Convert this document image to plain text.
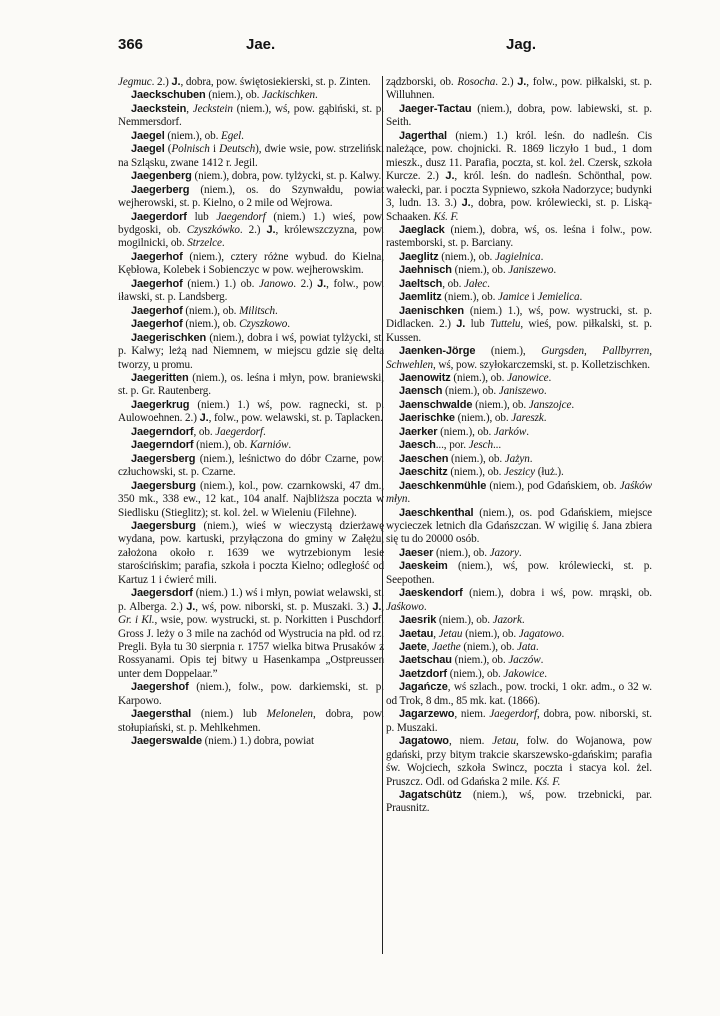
366	Jae.	Jag.

Jegmuc. 2.) J., dobra, pow. świętosiekierski, st. p. Zinten.

Jaeckschuben (niem.), ob. Jackischken.

Jaeckstein, Jeckstein (niem.), wś, pow. gąbiński, st. p. Nemmersdorf.

Jaegel (niem.), ob. Egel.

Jaegel (Polnisch i Deutsch), dwie wsie, pow. strzeliński na Szląsku, zwane 1412 r. Jegil.

Jaegenberg (niem.), dobra, pow. tylżycki, st. p. Kalwy.

Jaegerberg (niem.), os. do Szynwałdu, powiat wejherowski, st. p. Kielno, o 2 mile od Wejrowa.

Jaegerdorf lub Jaegendorf (niem.) 1.) wieś, pow. bydgoski, ob. Czyszkówko. 2.) J., królewszczyzna, pow. mogilnicki, ob. Strzelce.

Jaegerhof (niem.), cztery różne wybud. do Kielna, Kębłowa, Kolebek i Sobienczyc w pow. wejherowskim.

Jaegerhof (niem.) 1.) ob. Janowo. 2.) J., folw., pow. iławski, st. p. Landsberg.

Jaegerhof (niem.), ob. Militsch.

Jaegerhof (niem.), ob. Czyszkowo.

Jaegerischken (niem.), dobra i wś, powiat tylżycki, st. p. Kalwy; leżą nad Niemnem, w miejscu gdzie się delta tworzy, u promu.

Jaegeritten (niem.), os. leśna i młyn, pow. braniewski, st. p. Gr. Rautenberg.

Jaegerkrug (niem.) 1.) wś, pow. ragnecki, st. p. Aulowoehnen. 2.) J., folw., pow. welawski, st. p. Taplacken.

Jaegerndorf, ob. Jaegerdorf.

Jaegerndorf (niem.), ob. Karniów.

Jaegersberg (niem.), leśnictwo do dóbr Czarne, pow. człuchowski, st. p. Czarne.

Jaegersburg (niem.), kol., pow. czarnkowski, 47 dm., 350 mk., 338 ew., 12 kat., 104 analf. Najbliższa poczta w Siedlisku (Stieglitz); st. kol. żel. w Wieleniu (Filehne).

Jaegersburg (niem.), wieś w wieczystą dzierżawę wydana, pow. kartuski, przyłączona do gminy w Załężu, założona około r. 1639 we wytrzebionym lesie starościńskim; parafia, szkoła i poczta Kielno; odległość od Kartuz 1 i ćwierć mili.

Jaegersdorf (niem.) 1.) wś i młyn, powiat welawski, st. p. Alberga. 2.) J., wś, pow. niborski, st. p. Muszaki. 3.) J., Gr. i Kl., wsie, pow. wystrucki, st. p. Norkitten i Puschdorf. Gross J. leży o 3 mile na zachód od Wystrucia na płd. od rz. Pregli. Była tu 30 sierpnia r. 1757 wielka bitwa Prusaków z Rossyanami. Opis tej bitwy u Hasenkampa „Ostpreussen unter dem Doppelaar.”

Jaegershof (niem.), folw., pow. darkiemski, st. p. Karpowo.

Jaegersthal (niem.) lub Melonelen, dobra, pow. stołupiański, st. p. Mehlkehmen.

Jaegerswalde (niem.) 1.) dobra, powiat

ządzborski, ob. Rosocha. 2.) J., folw., pow. piłkalski, st. p. Willuhnen.

Jaeger-Tactau (niem.), dobra, pow. labiewski, st. p. Seith.

Jagerthal (niem.) 1.) król. leśn. do nadleśn. Cis należące, pow. chojnicki. R. 1869 liczyło 1 bud., 1 dom mieszk., dusz 11. Parafia, poczta, st. kol. żel. Czersk, szkoła Kurcze. 2.) J., król. leśn. do nadleśn. Schönthal, pow. wałecki, par. i poczta Sypniewo, szkoła Nadorzyce; budynki 3, ludn. 13. 3.) J., dobra, pow. królewiecki, st. p. Liską-Schaaken. Kś. F.

Jaeglack (niem.), dobra, wś, os. leśna i folw., pow. rastemborski, st. p. Barciany.

Jaeglitz (niem.), ob. Jagielnica.

Jaehnisch (niem.), ob. Janiszewo.

Jaeltsch, ob. Jałec.

Jaemlitz (niem.), ob. Jamice i Jemielica.

Jaenischken (niem.) 1.), wś, pow. wystrucki, st. p. Didlacken. 2.) J. lub Tuttelu, wieś, pow. piłkalski, st. p. Kussen.

Jaenken-Jörge (niem.), Gurgsden, Pallbyrren, Schwehlen, wś, pow. szyłokarczemski, st. p. Kolletzischken.

Jaenowitz (niem.), ob. Janowice.

Jaensch (niem.), ob. Janiszewo.

Jaenschwalde (niem.), ob. Janszojce.

Jaerischke (niem.), ob. Jareszk.

Jaerker (niem.), ob. Jarków.

Jaesch..., por. Jesch...

Jaeschen (niem.), ob. Jażyn.

Jaeschitz (niem.), ob. Jeszicy (łuż.).

Jaeschkenmühle (niem.), pod Gdańskiem, ob. Jaśków młyn.

Jaeschkenthal (niem.), os. pod Gdańskiem, miejsce wycieczek letnich dla Gdańszczan. W wigilię ś. Jana zbiera się tu do 20000 osób.

Jaeser (niem.), ob. Jazory.

Jaeskeim (niem.), wś, pow. królewiecki, st. p. Seepothen.

Jaeskendorf (niem.), dobra i wś, pow. mrąski, ob. Jaśkowo.

Jaesrik (niem.), ob. Jazork.

Jaetau, Jetau (niem.), ob. Jagatowo.

Jaete, Jaethe (niem.), ob. Jata.

Jaetschau (niem.), ob. Jaczów.

Jaetzdorf (niem.), ob. Jakowice.

Jagańcze, wś szlach., pow. trocki, 1 okr. adm., o 32 w. od Trok, 8 dm., 85 mk. kat. (1866).

Jagarzewo, niem. Jaegerdorf, dobra, pow. niborski, st. p. Muszaki.

Jagatowo, niem. Jetau, folw. do Wojanowa, pow gdański, przy bitym trakcie skarszewsko-gdańskim; parafia św. Wojciech, szkoła Swincz, poczta i stacya kol. żel. Pruszcz. Odl. od Gdańska 2 mile. Kś. F.

Jagatschütz (niem.), wś, pow. trzebnicki, par. Prausnitz.
